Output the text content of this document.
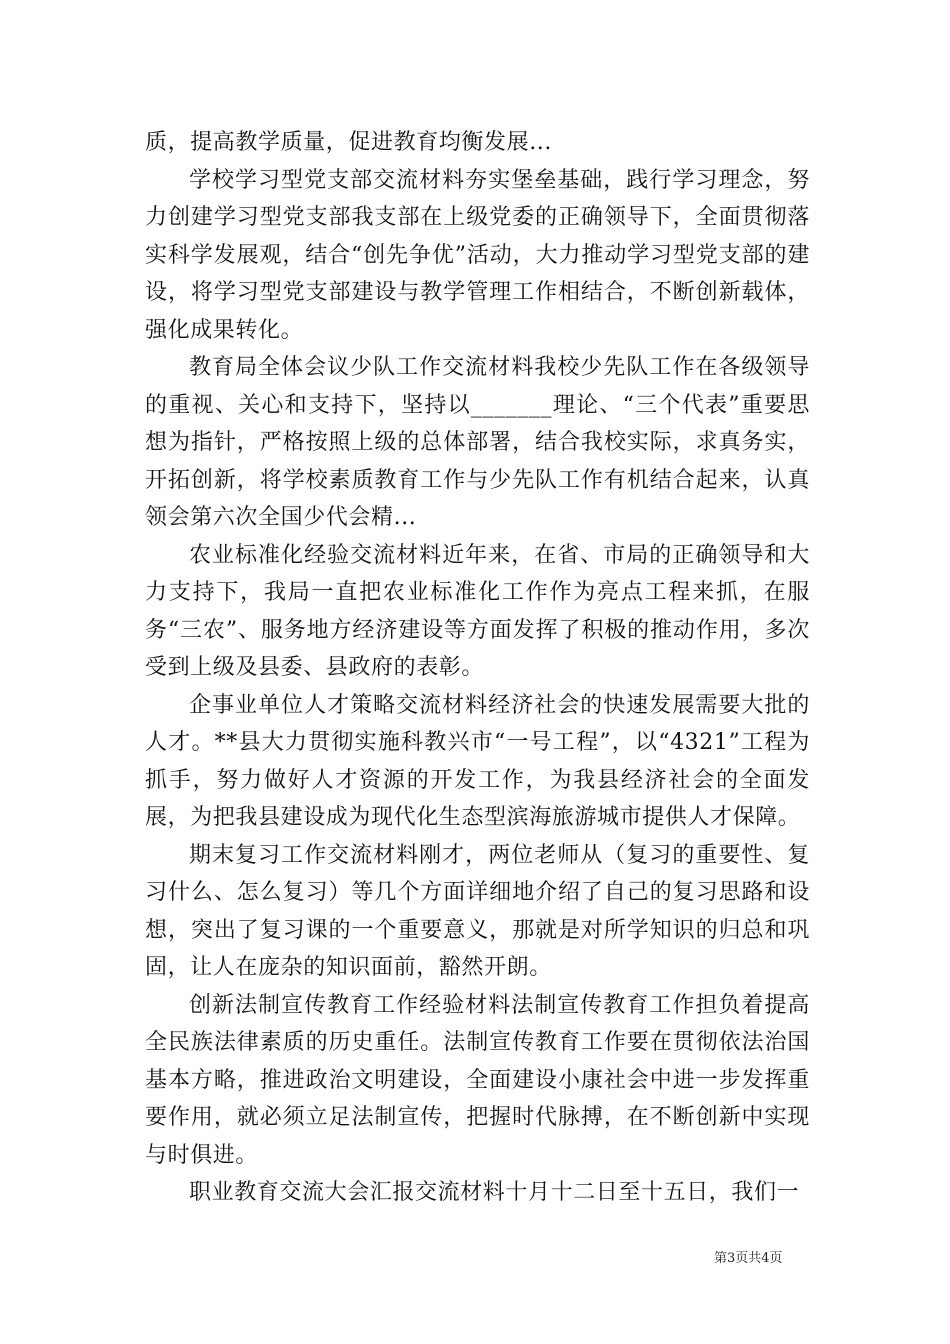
质，提高教学质量，促进教育均衡发展...

学校学习型党支部交流材料夯实堡垒基础，践行学习理念，努力创建学习型党支部我支部在上级党委的正确领导下，全面贯彻落实科学发展观，结合“创先争优”活动，大力推动学习型党支部的建设，将学习型党支部建设与教学管理工作相结合，不断创新载体，强化成果转化。

教育局全体会议少队工作交流材料我校少先队工作在各级领导的重视、关心和支持下，坚持以_______理论、“三个代表”重要思想为指针，严格按照上级的总体部署，结合我校实际，求真务实，开拓创新，将学校素质教育工作与少先队工作有机结合起来，认真领会第六次全国少代会精...

农业标准化经验交流材料近年来，在省、市局的正确领导和大力支持下，我局一直把农业标准化工作作为亮点工程来抓，在服务“三农”、服务地方经济建设等方面发挥了积极的推动作用，多次受到上级及县委、县政府的表彰。

企事业单位人才策略交流材料经济社会的快速发展需要大批的人才。**县大力贯彻实施科教兴市“一号工程”，以“4321”工程为抓手，努力做好人才资源的开发工作，为我县经济社会的全面发展，为把我县建设成为现代化生态型滨海旅游城市提供人才保障。

期末复习工作交流材料刚才，两位老师从（复习的重要性、复习什么、怎么复习）等几个方面详细地介绍了自己的复习思路和设想，突出了复习课的一个重要意义，那就是对所学知识的归总和巩固，让人在庞杂的知识面前，豁然开朗。

创新法制宣传教育工作经验材料法制宣传教育工作担负着提高全民族法律素质的历史重任。法制宣传教育工作要在贯彻依法治国基本方略，推进政治文明建设，全面建设小康社会中进一步发挥重要作用，就必须立足法制宣传，把握时代脉搏，在不断创新中实现与时俱进。

职业教育交流大会汇报交流材料十月十二日至十五日，我们一

第3页共4页
